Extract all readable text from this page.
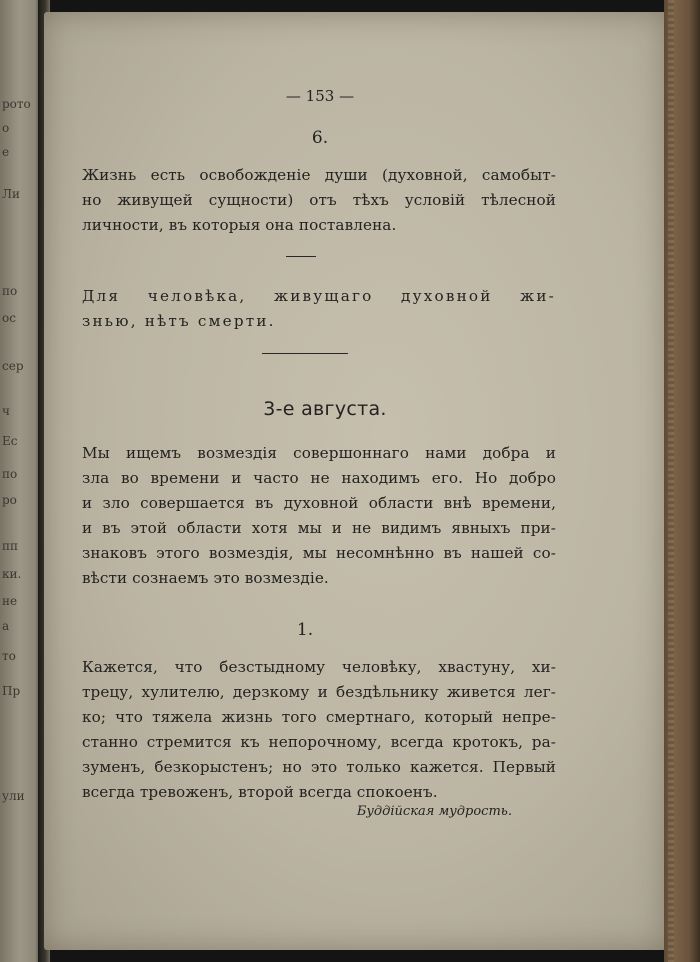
рото
о
е
Ли
по
ос
сер
ч
Ес
по
ро
пп
ки.
не
а
то
Пр
ули
— 153 —
6.
Жизнь есть освобожденіе души (духовной, самобыт-
но живущей сущности) отъ тѣхъ условій тѣлесной
личности, въ которыя она поставлена.
Для человѣка, живущаго духовной жи-
знью, нѣтъ смерти.
3-е августа.
Мы ищемъ возмездія совершоннаго нами добра и
зла во времени и часто не находимъ его. Но добро
и зло совершается въ духовной области внѣ времени,
и въ этой области хотя мы и не видимъ явныхъ при-
знаковъ этого возмездія, мы несомнѣнно въ нашей со-
вѣсти сознаемъ это возмездіе.
1.
Кажется, что безстыдному человѣку, хвастуну, хи-
трецу, хулителю, дерзкому и бездѣльнику живется лег-
ко; что тяжела жизнь того смертнаго, который непре-
станно стремится къ непорочному, всегда кротокъ, ра-
зуменъ, безкорыстенъ; но это только кажется. Первый
всегда тревоженъ, второй всегда спокоенъ.
Буддійская мудрость.
